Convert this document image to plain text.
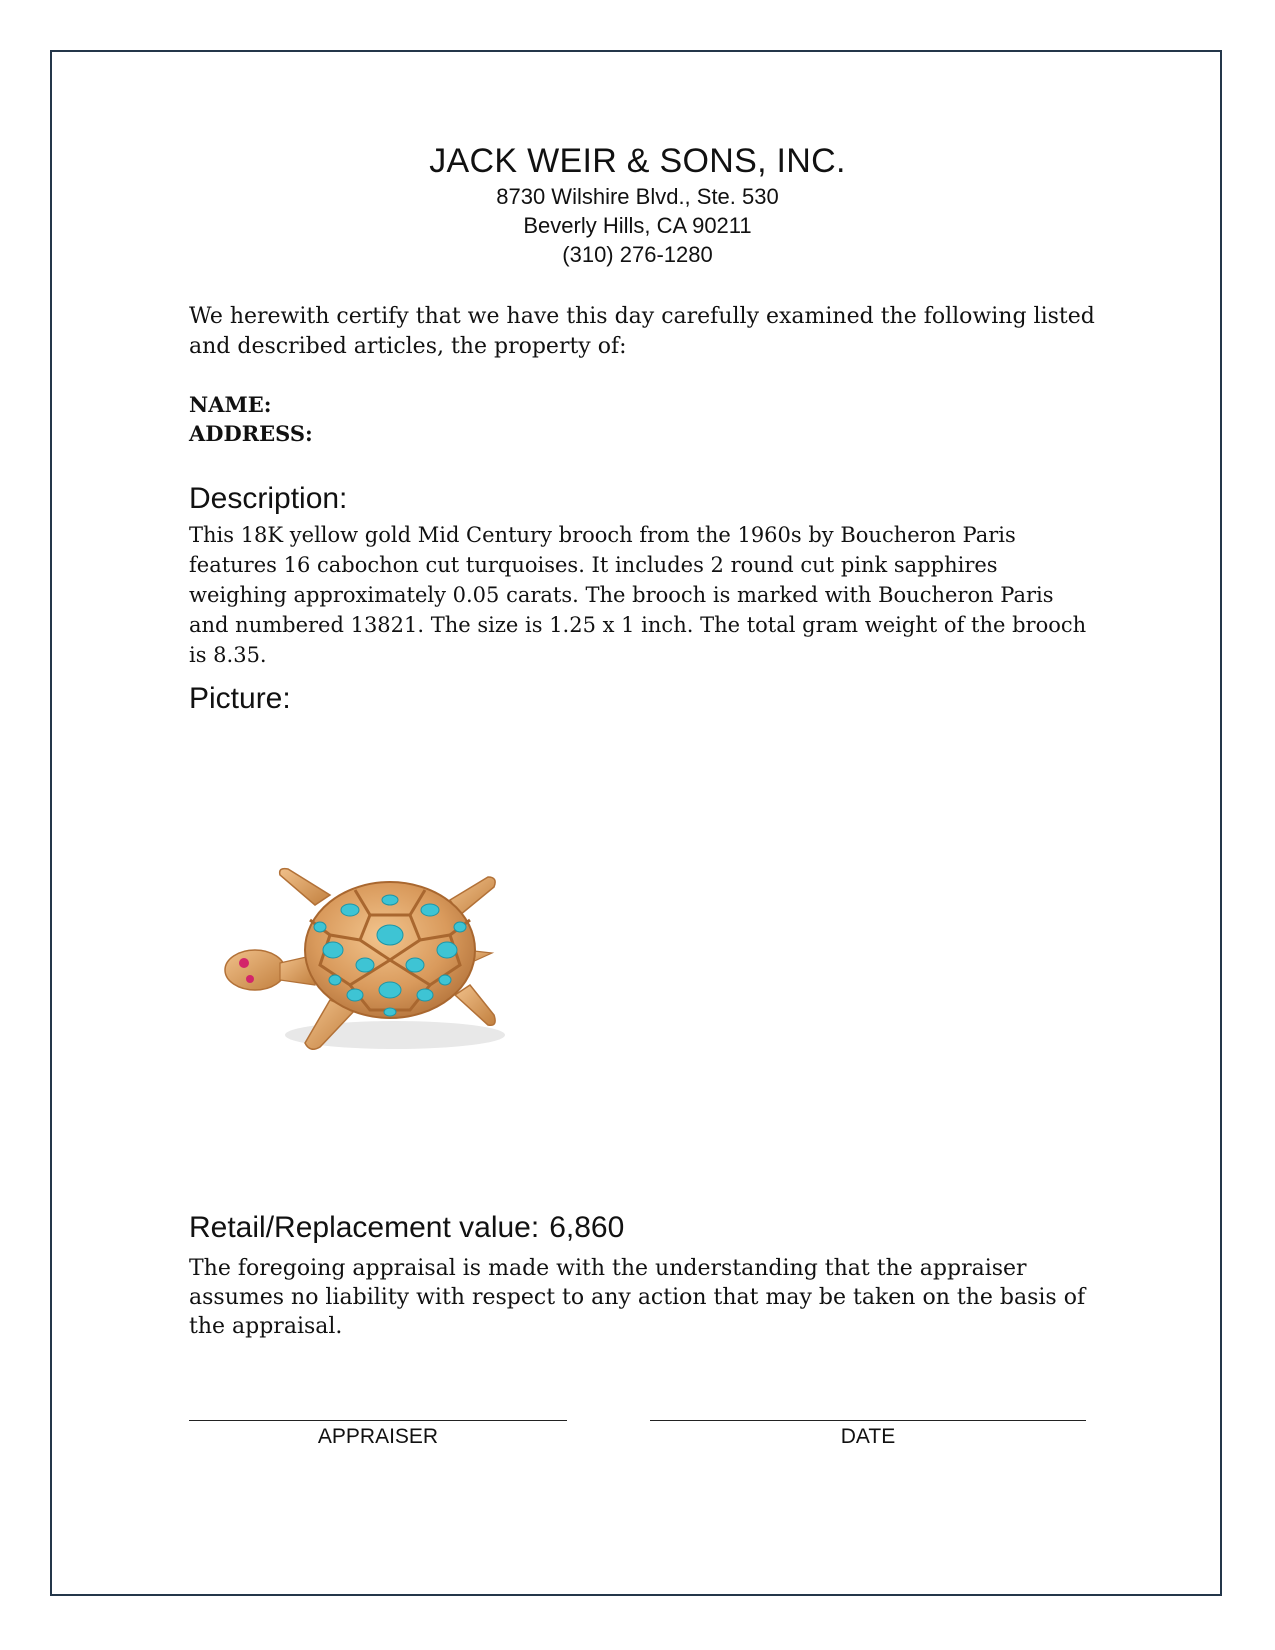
JACK WEIR & SONS, INC.
8730 Wilshire Blvd., Ste. 530
Beverly Hills, CA 90211
(310) 276-1280
We herewith certify that we have this day carefully examined the following listed and described articles, the property of:
NAME:
ADDRESS:
Description:
This 18K yellow gold Mid Century brooch from the 1960s by Boucheron Paris features 16 cabochon cut turquoises. It includes 2 round cut pink sapphires weighing approximately 0.05 carats. The brooch is marked with Boucheron Paris and numbered 13821. The size is 1.25 x 1 inch. The total gram weight of the brooch is 8.35.
Picture:
Retail/Replacement value: 6,860
The foregoing appraisal is made with the understanding that the appraiser assumes no liability with respect to any action that may be taken on the basis of the appraisal.
APPRAISER	DATE
